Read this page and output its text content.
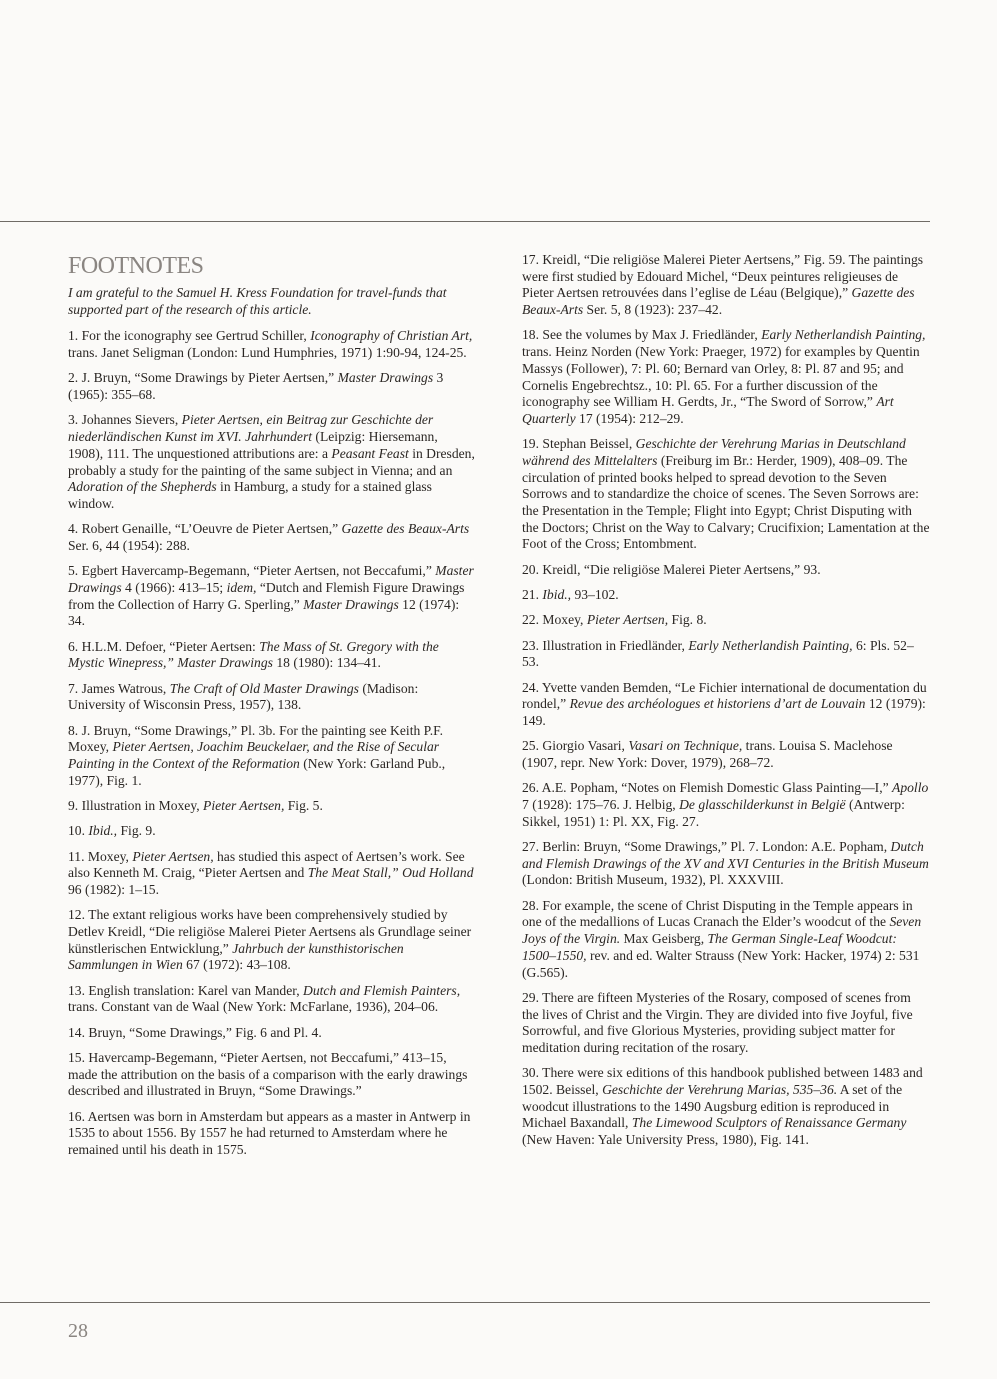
FOOTNOTES

I am grateful to the Samuel H. Kress Foundation for travel-funds that supported part of the research of this article.

1. For the iconography see Gertrud Schiller, Iconography of Christian Art, trans. Janet Seligman (London: Lund Humphries, 1971) 1:90-94, 124-25.

2. J. Bruyn, “Some Drawings by Pieter Aertsen,” Master Drawings 3 (1965): 355–68.

3. Johannes Sievers, Pieter Aertsen, ein Beitrag zur Geschichte der niederländischen Kunst im XVI. Jahrhundert (Leipzig: Hiersemann, 1908), 111. The unquestioned attributions are: a Peasant Feast in Dresden, probably a study for the painting of the same subject in Vienna; and an Adoration of the Shepherds in Hamburg, a study for a stained glass window.

4. Robert Genaille, “L’Oeuvre de Pieter Aertsen,” Gazette des Beaux-Arts Ser. 6, 44 (1954): 288.

5. Egbert Havercamp-Begemann, “Pieter Aertsen, not Beccafumi,” Master Drawings 4 (1966): 413–15; idem, “Dutch and Flemish Figure Drawings from the Collection of Harry G. Sperling,” Master Drawings 12 (1974): 34.

6. H.L.M. Defoer, “Pieter Aertsen: The Mass of St. Gregory with the Mystic Winepress,” Master Drawings 18 (1980): 134–41.

7. James Watrous, The Craft of Old Master Drawings (Madison: University of Wisconsin Press, 1957), 138.

8. J. Bruyn, “Some Drawings,” Pl. 3b. For the painting see Keith P.F. Moxey, Pieter Aertsen, Joachim Beuckelaer, and the Rise of Secular Painting in the Context of the Reformation (New York: Garland Pub., 1977), Fig. 1.

9. Illustration in Moxey, Pieter Aertsen, Fig. 5.

10. Ibid., Fig. 9.

11. Moxey, Pieter Aertsen, has studied this aspect of Aertsen’s work. See also Kenneth M. Craig, “Pieter Aertsen and The Meat Stall,” Oud Holland 96 (1982): 1–15.

12. The extant religious works have been comprehensively studied by Detlev Kreidl, “Die religiöse Malerei Pieter Aertsens als Grundlage seiner künstlerischen Entwicklung,” Jahrbuch der kunsthistorischen Sammlungen in Wien 67 (1972): 43–108.

13. English translation: Karel van Mander, Dutch and Flemish Painters, trans. Constant van de Waal (New York: McFarlane, 1936), 204–06.

14. Bruyn, “Some Drawings,” Fig. 6 and Pl. 4.

15. Havercamp-Begemann, “Pieter Aertsen, not Beccafumi,” 413–15, made the attribution on the basis of a comparison with the early drawings described and illustrated in Bruyn, “Some Drawings.”

16. Aertsen was born in Amsterdam but appears as a master in Antwerp in 1535 to about 1556. By 1557 he had returned to Amsterdam where he remained until his death in 1575.

17. Kreidl, “Die religiöse Malerei Pieter Aertsens,” Fig. 59. The paintings were first studied by Edouard Michel, “Deux peintures religieuses de Pieter Aertsen retrouvées dans l’eglise de Léau (Belgique),” Gazette des Beaux-Arts Ser. 5, 8 (1923): 237–42.

18. See the volumes by Max J. Friedländer, Early Netherlandish Painting, trans. Heinz Norden (New York: Praeger, 1972) for examples by Quentin Massys (Follower), 7: Pl. 60; Bernard van Orley, 8: Pl. 87 and 95; and Cornelis Engebrechtsz., 10: Pl. 65. For a further discussion of the iconography see William H. Gerdts, Jr., “The Sword of Sorrow,” Art Quarterly 17 (1954): 212–29.

19. Stephan Beissel, Geschichte der Verehrung Marias in Deutschland während des Mittelalters (Freiburg im Br.: Herder, 1909), 408–09. The circulation of printed books helped to spread devotion to the Seven Sorrows and to standardize the choice of scenes. The Seven Sorrows are: the Presentation in the Temple; Flight into Egypt; Christ Disputing with the Doctors; Christ on the Way to Calvary; Crucifixion; Lamentation at the Foot of the Cross; Entombment.

20. Kreidl, “Die religiöse Malerei Pieter Aertsens,” 93.

21. Ibid., 93–102.

22. Moxey, Pieter Aertsen, Fig. 8.

23. Illustration in Friedländer, Early Netherlandish Painting, 6: Pls. 52–53.

24. Yvette vanden Bemden, “Le Fichier international de documentation du rondel,” Revue des archéologues et historiens d’art de Louvain 12 (1979): 149.

25. Giorgio Vasari, Vasari on Technique, trans. Louisa S. Maclehose (1907, repr. New York: Dover, 1979), 268–72.

26. A.E. Popham, “Notes on Flemish Domestic Glass Painting—I,” Apollo 7 (1928): 175–76. J. Helbig, De glasschilderkunst in België (Antwerp: Sikkel, 1951) 1: Pl. XX, Fig. 27.

27. Berlin: Bruyn, “Some Drawings,” Pl. 7. London: A.E. Popham, Dutch and Flemish Drawings of the XV and XVI Centuries in the British Museum (London: British Museum, 1932), Pl. XXXVIII.

28. For example, the scene of Christ Disputing in the Temple appears in one of the medallions of Lucas Cranach the Elder’s woodcut of the Seven Joys of the Virgin. Max Geisberg, The German Single-Leaf Woodcut: 1500–1550, rev. and ed. Walter Strauss (New York: Hacker, 1974) 2: 531 (G.565).

29. There are fifteen Mysteries of the Rosary, composed of scenes from the lives of Christ and the Virgin. They are divided into five Joyful, five Sorrowful, and five Glorious Mysteries, providing subject matter for meditation during recitation of the rosary.

30. There were six editions of this handbook published between 1483 and 1502. Beissel, Geschichte der Verehrung Marias, 535–36. A set of the woodcut illustrations to the 1490 Augsburg edition is reproduced in Michael Baxandall, The Limewood Sculptors of Renaissance Germany (New Haven: Yale University Press, 1980), Fig. 141.

28
